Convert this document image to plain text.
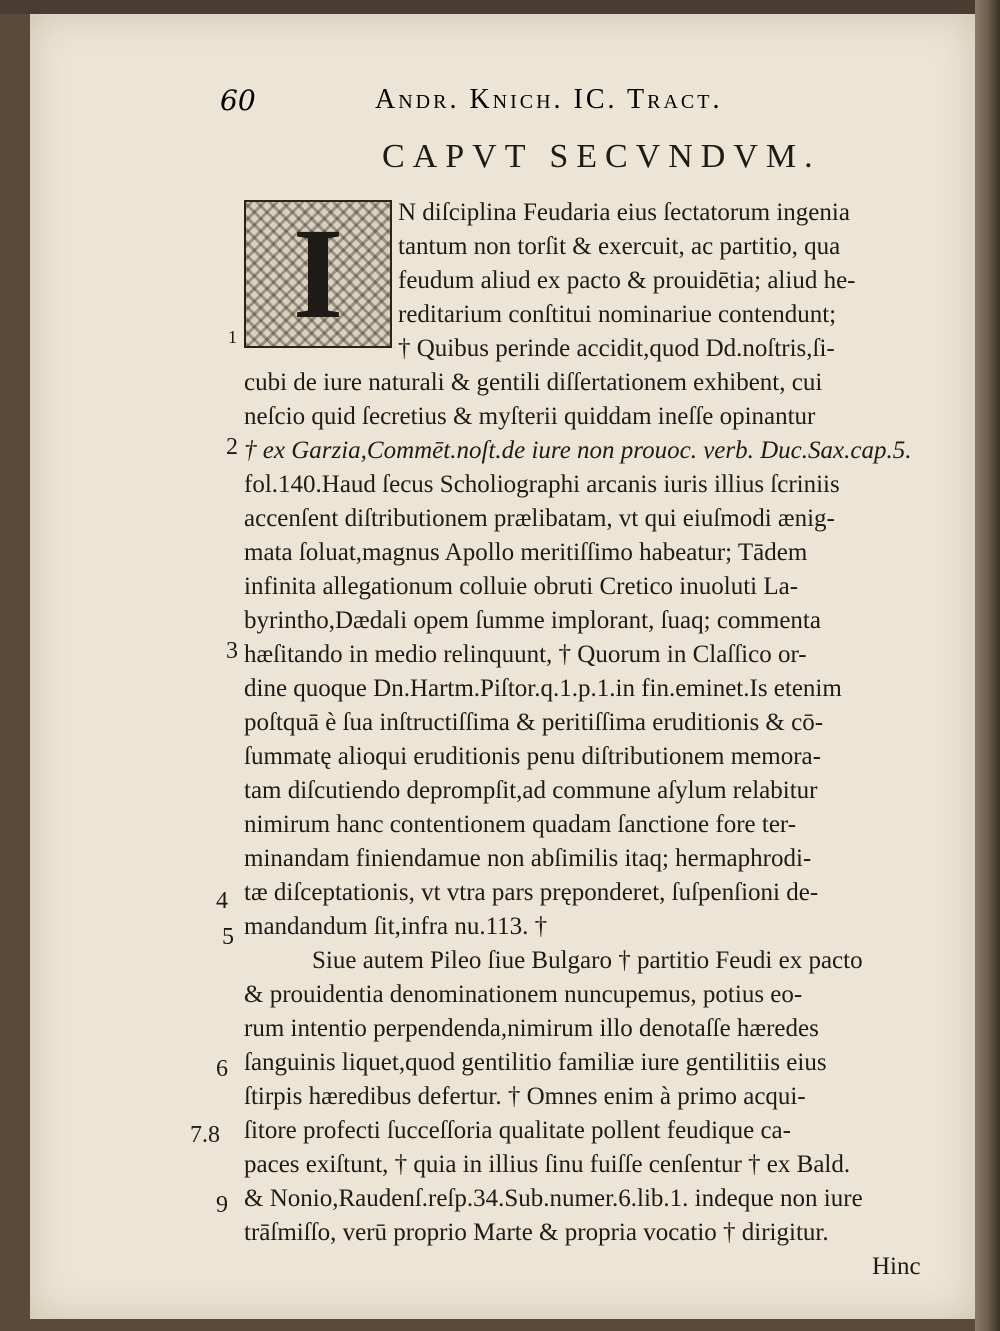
60	Andr. Knich. IC. Tract.
CAPVT SECVNDVM.
I	N diſciplina Feudaria eius ſectatorum ingenia
tantum non torſit & exercuit, ac partitio, qua
feudum aliud ex pacto & prouidētia; aliud he-
reditarium conſtitui nominariue contendunt;
† Quibus perinde accidit,quod Dd.noſtris,ſi-
cubi de iure naturali & gentili diſſertationem exhibent, cui
neſcio quid ſecretius & myſterii quiddam ineſſe opinantur
† ex Garzia,Commēt.noſt.de iure non prouoc. verb. Duc.Sax.cap.5.
fol.140.Haud ſecus Scholiographi arcanis iuris illius ſcriniis
accenſent diſtributionem prælibatam, vt qui eiuſmodi ænig-
mata ſoluat,magnus Apollo meritiſſimo habeatur; Tādem
infinita allegationum colluie obruti Cretico inuoluti La-
byrintho,Dædali opem ſumme implorant, ſuaq; commenta
hæſitando in medio relinquunt, † Quorum in Claſſico or-
dine quoque Dn.Hartm.Piſtor.q.1.p.1.in fin.eminet.Is etenim
poſtquā è ſua inſtructiſſima & peritiſſima eruditionis & cō-
ſummatę alioqui eruditionis penu diſtributionem memora-
tam diſcutiendo deprompſit,ad commune aſylum relabitur
nimirum hanc contentionem quadam ſanctione fore ter-
minandam finiendamue non abſimilis itaq; hermaphrodi-
tæ diſceptationis, vt vtra pars pręponderet, ſuſpenſioni de-
mandandum ſit,infra nu.113. †
Siue autem Pileo ſiue Bulgaro † partitio Feudi ex pacto
& prouidentia denominationem nuncupemus, potius eo-
rum intentio perpendenda,nimirum illo denotaſſe hæredes
ſanguinis liquet,quod gentilitio familiæ iure gentilitiis eius
ſtirpis hæredibus defertur. † Omnes enim à primo acqui-
ſitore profecti ſucceſſoria qualitate pollent feudique ca-
paces exiſtunt, † quia in illius ſinu fuiſſe cenſentur † ex Bald.
& Nonio,Raudenſ.reſp.34.Sub.numer.6.lib.1. indeque non iure
trāſmiſſo, verū proprio Marte & propria vocatio † dirigitur.
Hinc
1
2
3
4
5
6
7.8
9
